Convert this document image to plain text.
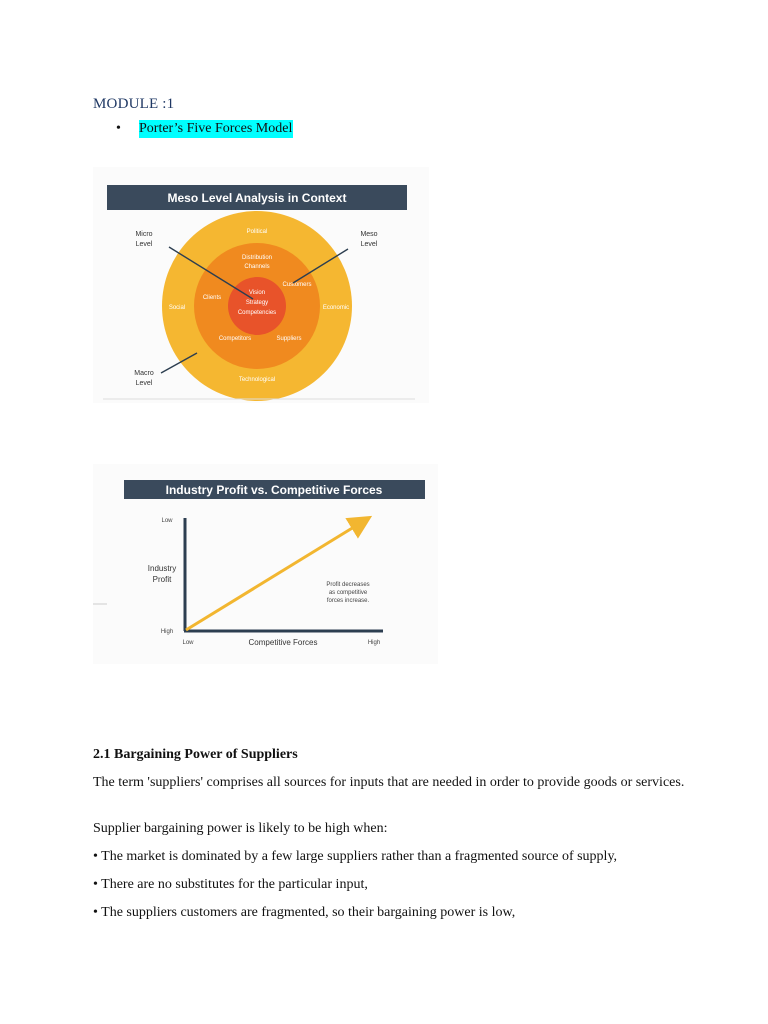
MODULE :1
•	Porter’s Five Forces Model
Meso Level Analysis in Context
Political
Social	Economic
Technological
Distribution
Channels
Clients
Customers
Competitors	Suppliers
Vision
Strategy
Competencies
Micro
Level
Meso
Level
Macro
Level
Industry Profit vs. Competitive Forces
Low
High
Industry
Profit
Low	High
Competitive Forces
Profit decreases
as competitive
forces increase.
2.1 Bargaining Power of Suppliers
The term 'suppliers' comprises all sources for inputs that are needed in order to provide goods or services.
Supplier bargaining power is likely to be high when:
• The market is dominated by a few large suppliers rather than a fragmented source of supply,
• There are no substitutes for the particular input,
• The suppliers customers are fragmented, so their bargaining power is low,
